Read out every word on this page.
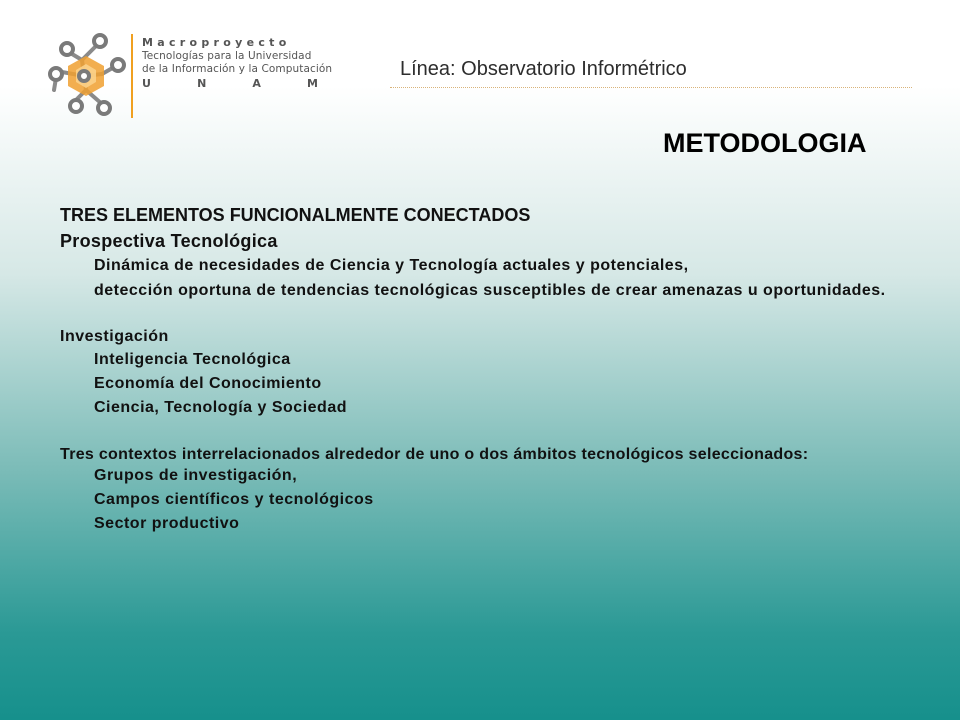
Macroproyecto
Tecnologías para la Universidad
de la Información y la Computación
U	N	A	M
Línea: Observatorio Informétrico
METODOLOGIA
TRES ELEMENTOS FUNCIONALMENTE CONECTADOS
Prospectiva Tecnológica
Dinámica de necesidades de Ciencia y Tecnología actuales y potenciales,
detección oportuna de tendencias tecnológicas susceptibles de crear amenazas u oportunidades.
Investigación
Inteligencia Tecnológica
Economía del Conocimiento
Ciencia, Tecnología y Sociedad
Tres contextos interrelacionados alrededor de uno o dos ámbitos tecnológicos seleccionados:
Grupos de investigación,
Campos científicos y tecnológicos
Sector productivo
